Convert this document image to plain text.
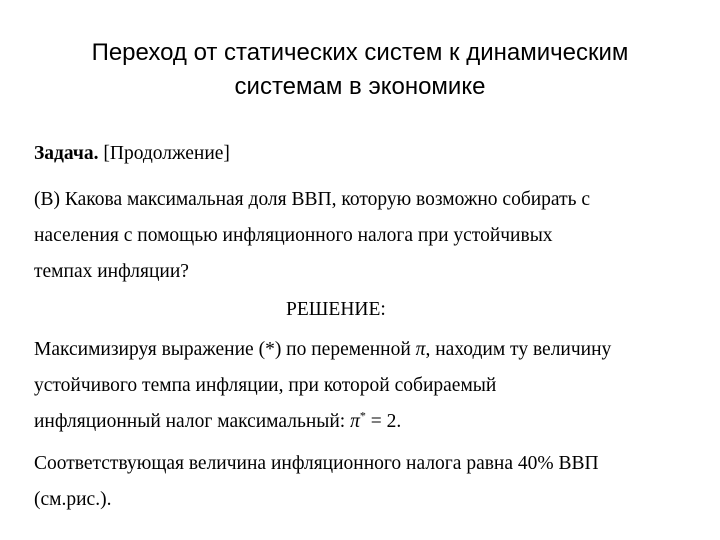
Переход от статических систем к динамическим
системам в экономике

Задача. [Продолжение]

(В) Какова максимальная доля ВВП, которую возможно собирать с
населения с помощью инфляционного налога при устойчивых
темпах инфляции?

РЕШЕНИЕ:

Максимизируя выражение (*) по переменной π, находим ту величину
устойчивого темпа инфляции, при которой собираемый
инфляционный налог максимальный: π* = 2.

Соответствующая величина инфляционного налога равна 40% ВВП
(см.рис.).
